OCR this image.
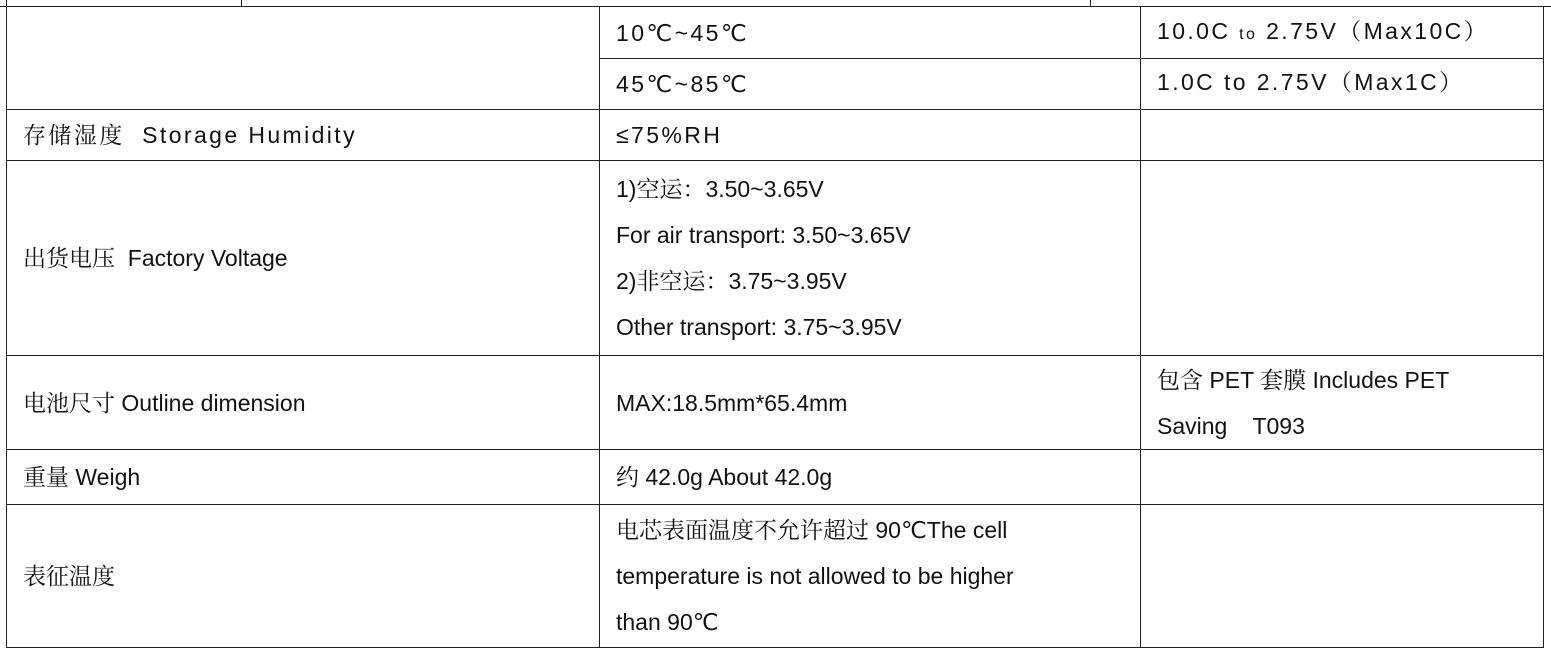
	10℃~45℃	10.0C to 2.75V（Max10C）
	45℃~85℃	1.0C to 2.75V（Max1C）
存储湿度  Storage Humidity	≤75%RH	
出货电压  Factory Voltage	1)空运：3.50~3.65V
For air transport: 3.50~3.65V
2)非空运：3.75~3.95V
Other transport: 3.75~3.95V	

电池尺寸 Outline dimension	MAX:18.5mm*65.4mm	包含 PET 套膜 Includes PET
Saving    T093

重量 Weigh	约 42.0g About 42.0g	
表征温度	电芯表面温度不允许超过 90℃The cell
temperature is not allowed to be higher
than 90℃	
